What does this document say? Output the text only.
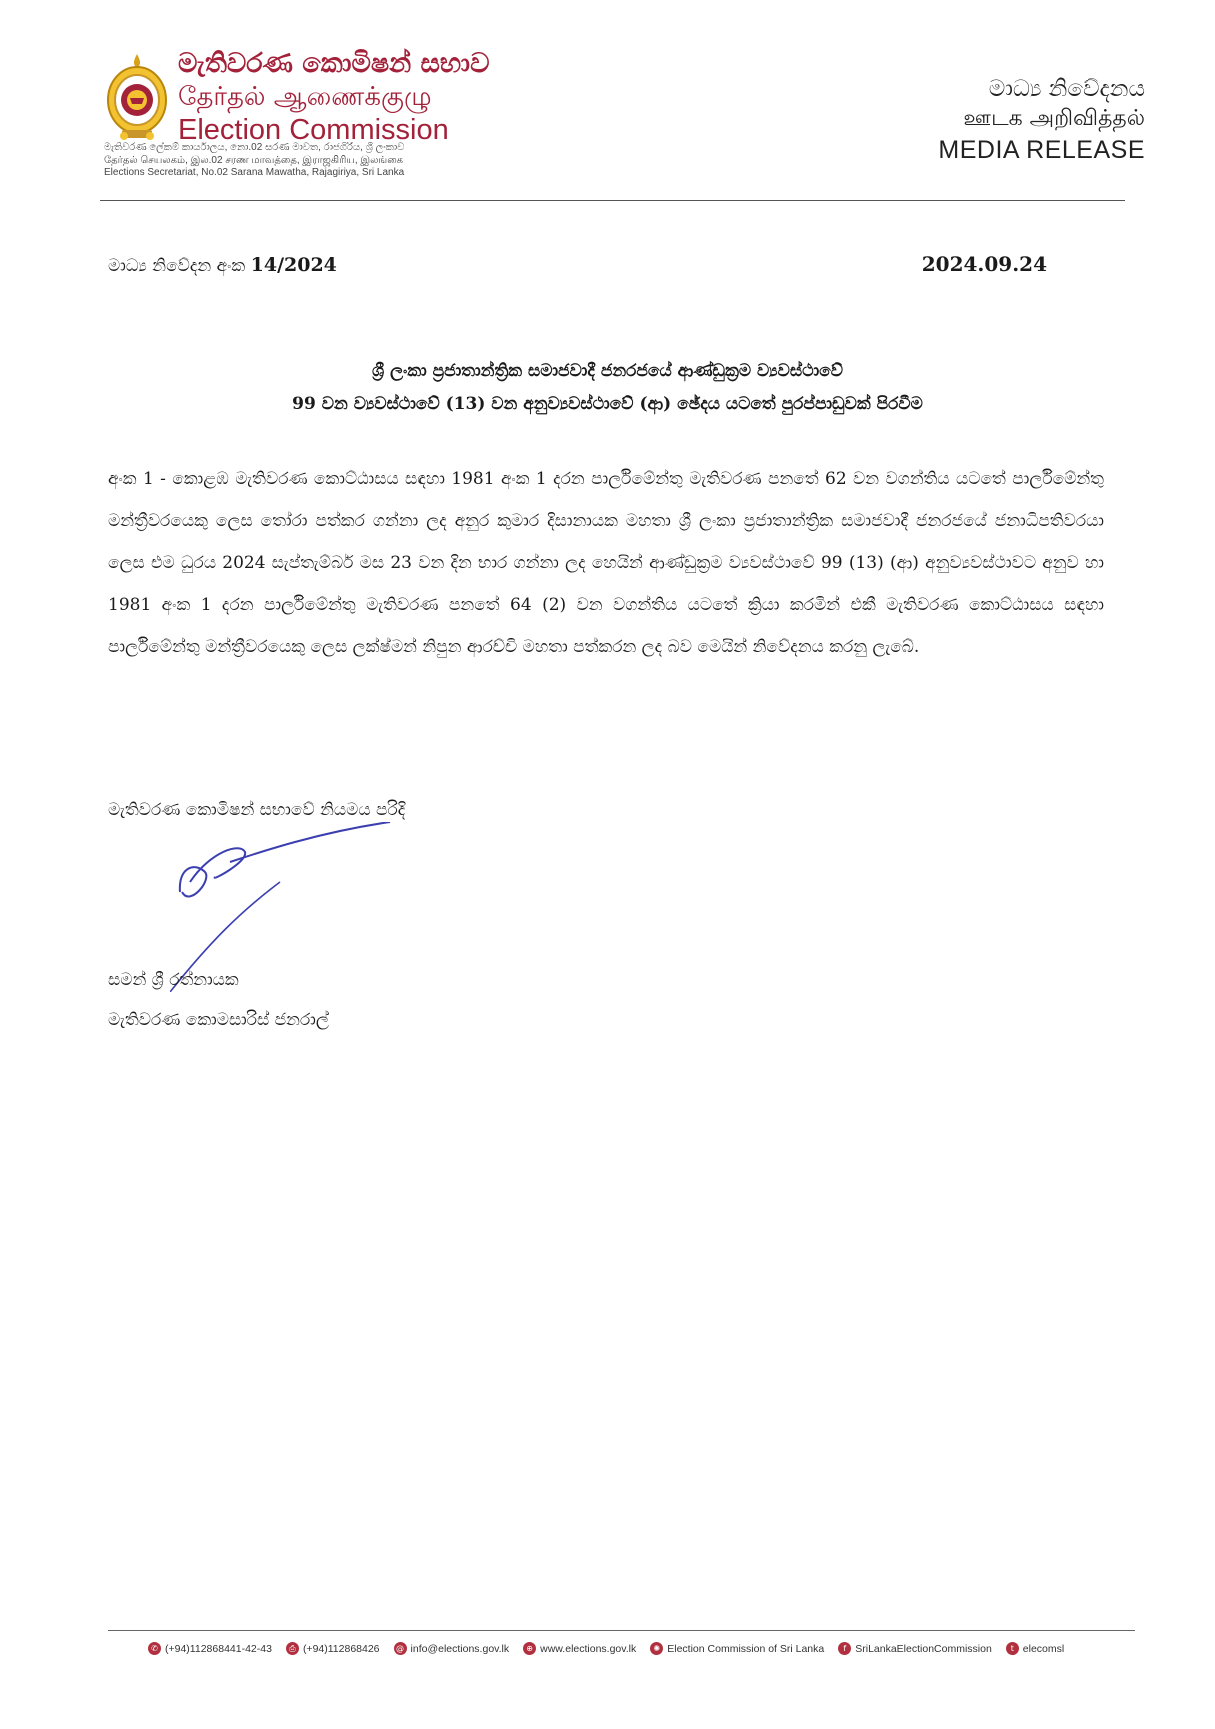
මැතිවරණ කොමිෂන් සභාව
தேர்தல் ஆணைக்குழு
Election Commission
මැතිවරණ ලේකම් කාර්යාලය, නො.02 සරණ මාවත, රාජගිරිය, ශ්‍රී ලංකාව
தேர்தல் செயலகம், இல.02 சரண மாவத்தை, இராஜகிரிய, இலங்கை
Elections Secretariat, No.02 Sarana Mawatha, Rajagiriya, Sri Lanka
මාධ්‍ය නිවේදනය
ஊடக அறிவித்தல்
MEDIA RELEASE
මාධ්‍ය නිවේදන අංක 14/2024	2024.09.24
ශ්‍රී ලංකා ප්‍රජාතාන්ත්‍රික සමාජවාදී ජනරජයේ ආණ්ඩුක්‍රම ව්‍යවස්ථාවේ
99 වන ව්‍යවස්ථාවේ (13) වන අනුව්‍යවස්ථාවේ (ආ) ඡේදය යටතේ පුරප්පාඩුවක් පිරවීම
අංක 1 - කොළඹ මැතිවරණ කොට්ඨාසය සඳහා 1981 අංක 1 දරන පාර්ලිමේන්තු මැතිවරණ පනතේ 62 වන වගන්තිය යටතේ පාර්ලිමේන්තු මන්ත්‍රීවරයෙකු ලෙස තෝරා පත්කර ගන්නා ලද අනුර කුමාර දිසානායක මහතා ශ්‍රී ලංකා ප්‍රජාතාන්ත්‍රික සමාජවාදී ජනරජයේ ජනාධිපතිවරයා ලෙස එම ධුරය 2024 සැප්තැම්බර් මස 23 වන දින භාර ගන්නා ලද හෙයින් ආණ්ඩුක්‍රම ව්‍යවස්ථාවේ 99 (13) (ආ) අනුව්‍යවස්ථාවට අනුව හා 1981 අංක 1 දරන පාර්ලිමේන්තු මැතිවරණ පනතේ 64 (2) වන වගන්තිය යටතේ ක්‍රියා කරමින් එකී මැතිවරණ කොට්ඨාසය සඳහා පාර්ලිමේන්තු මන්ත්‍රීවරයෙකු ලෙස ලක්ෂ්මන් නිපුන ආරච්චි මහතා පත්කරන ලද බව මෙයින් නිවේදනය කරනු ලැබේ.
මැතිවරණ කොමිෂන් සභාවේ නියමය පරිදි
සමන් ශ්‍රී රත්නායක
මැතිවරණ කොමසාරිස් ජනරාල්
✆ (+94)112868441-42-43	⎙ (+94)112868426	@ info@elections.gov.lk	⊕ www.elections.gov.lk	✺ Election Commission of Sri Lanka	f SriLankaElectionCommission	t elecomsl
